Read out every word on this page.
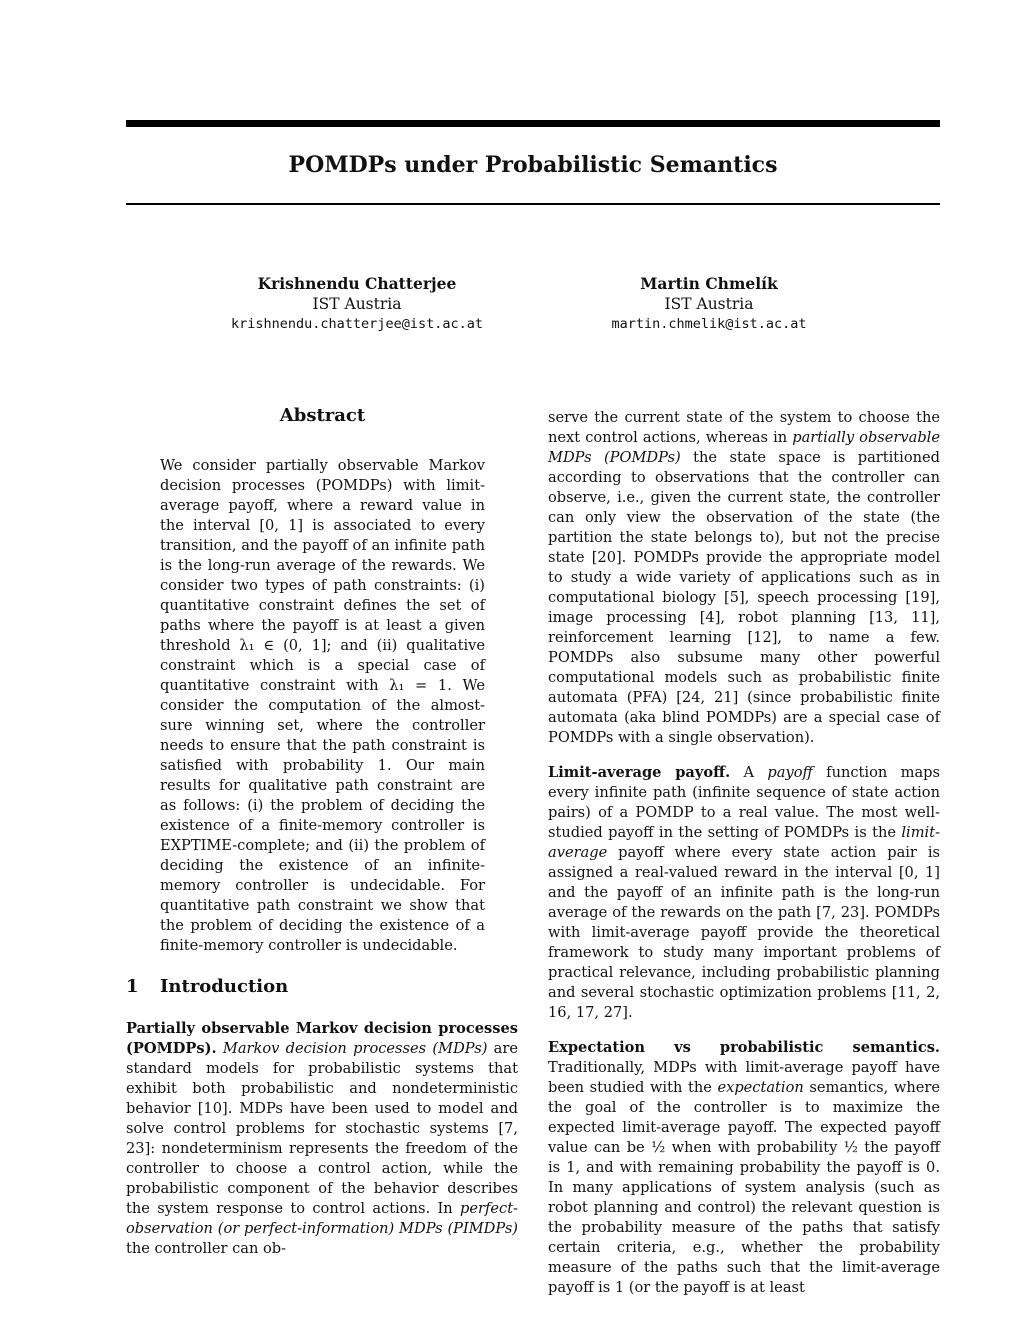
POMDPs under Probabilistic Semantics
Krishnendu Chatterjee
IST Austria
krishnendu.chatterjee@ist.ac.at
Martin Chmelík
IST Austria
martin.chmelik@ist.ac.at
Abstract

We consider partially observable Markov decision processes (POMDPs) with limit-average payoff, where a reward value in the interval [0, 1] is associated to every transition, and the payoff of an infinite path is the long-run average of the rewards. We consider two types of path constraints: (i) quantitative constraint defines the set of paths where the payoff is at least a given threshold λ₁ ∈ (0, 1]; and (ii) qualitative constraint which is a special case of quantitative constraint with λ₁ = 1. We consider the computation of the almost-sure winning set, where the controller needs to ensure that the path constraint is satisfied with probability 1. Our main results for qualitative path constraint are as follows: (i) the problem of deciding the existence of a finite-memory controller is EXPTIME-complete; and (ii) the problem of deciding the existence of an infinite-memory controller is undecidable. For quantitative path constraint we show that the problem of deciding the existence of a finite-memory controller is undecidable.

1 Introduction

Partially observable Markov decision processes (POMDPs). Markov decision processes (MDPs) are standard models for probabilistic systems that exhibit both probabilistic and nondeterministic behavior [10]. MDPs have been used to model and solve control problems for stochastic systems [7, 23]: nondeterminism represents the freedom of the controller to choose a control action, while the probabilistic component of the behavior describes the system response to control actions. In perfect-observation (or perfect-information) MDPs (PIMDPs) the controller can ob-

serve the current state of the system to choose the next control actions, whereas in partially observable MDPs (POMDPs) the state space is partitioned according to observations that the controller can observe, i.e., given the current state, the controller can only view the observation of the state (the partition the state belongs to), but not the precise state [20]. POMDPs provide the appropriate model to study a wide variety of applications such as in computational biology [5], speech processing [19], image processing [4], robot planning [13, 11], reinforcement learning [12], to name a few. POMDPs also subsume many other powerful computational models such as probabilistic finite automata (PFA) [24, 21] (since probabilistic finite automata (aka blind POMDPs) are a special case of POMDPs with a single observation).

Limit-average payoff. A payoff function maps every infinite path (infinite sequence of state action pairs) of a POMDP to a real value. The most well-studied payoff in the setting of POMDPs is the limit-average payoff where every state action pair is assigned a real-valued reward in the interval [0, 1] and the payoff of an infinite path is the long-run average of the rewards on the path [7, 23]. POMDPs with limit-average payoff provide the theoretical framework to study many important problems of practical relevance, including probabilistic planning and several stochastic optimization problems [11, 2, 16, 17, 27].

Expectation vs probabilistic semantics. Traditionally, MDPs with limit-average payoff have been studied with the expectation semantics, where the goal of the controller is to maximize the expected limit-average payoff. The expected payoff value can be ½ when with probability ½ the payoff is 1, and with remaining probability the payoff is 0. In many applications of system analysis (such as robot planning and control) the relevant question is the probability measure of the paths that satisfy certain criteria, e.g., whether the probability measure of the paths such that the limit-average payoff is 1 (or the payoff is at least
